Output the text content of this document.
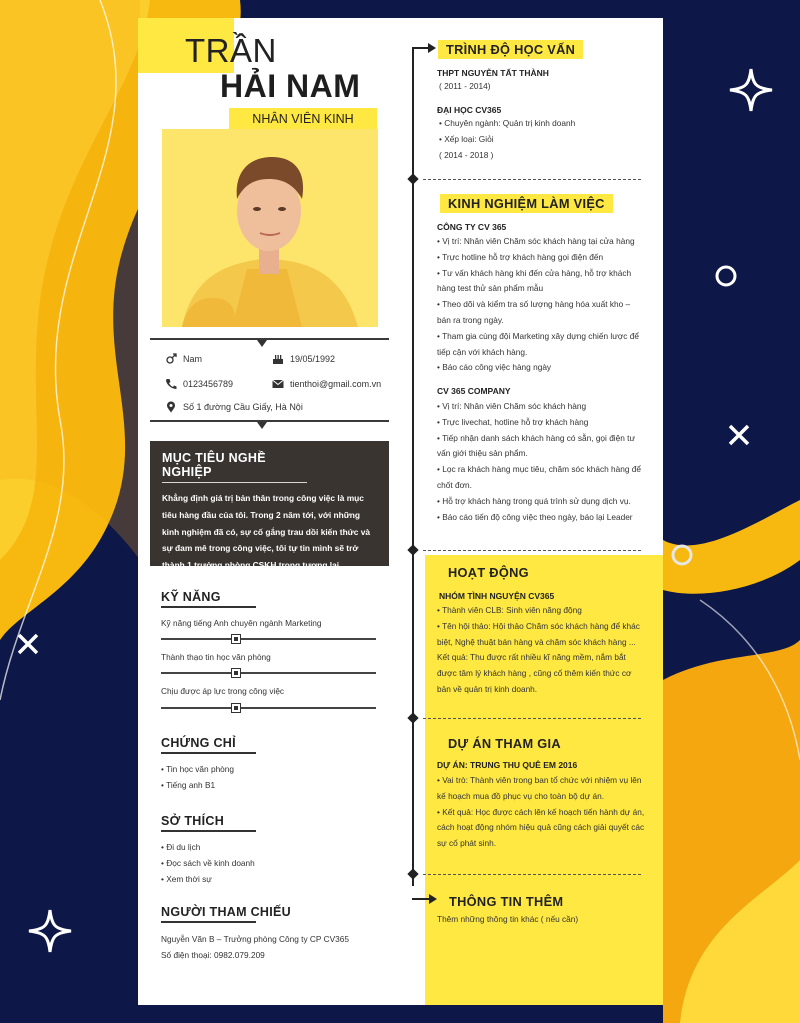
TRẦN
HẢI NAM
NHÂN VIÊN KINH
Nam	19/05/1992
0123456789	tienthoi@gmail.com.vn
Số 1 đường Cầu Giấy, Hà Nội
MỤC TIÊU NGHỀ NGHIỆP
Khẳng định giá trị bản thân trong công việc là mục tiêu hàng đầu của tôi. Trong 2 năm tới, với những kinh nghiệm đã có, sự cố gắng trau dồi kiến thức và sự đam mê trong công việc, tôi tự tin mình sẽ trở thành 1 trưởng phòng CSKH trong tương lai.
KỸ NĂNG
Kỹ năng tiếng Anh chuyên ngành Marketing
Thành thạo tin học văn phòng
Chịu được áp lực trong công việc
CHỨNG CHỈ
• Tin học văn phòng
• Tiếng anh B1
SỞ THÍCH
• Đi du lịch
• Đọc sách về kinh doanh
• Xem thời sự
NGƯỜI THAM CHIẾU
Nguyễn Văn B – Trưởng phòng Công ty CP CV365
Số điện thoại: 0982.079.209
TRÌNH ĐỘ HỌC VẤN
THPT NGUYỄN TẤT THÀNH
( 2011 - 2014)
ĐẠI HỌC CV365
• Chuyên ngành: Quản trị kinh doanh
• Xếp loại: Giỏi
( 2014 - 2018 )
KINH NGHIỆM LÀM VIỆC
CÔNG TY CV 365
• Vị trí: Nhân viên Chăm sóc khách hàng tại cửa hàng
• Trực hotline hỗ trợ khách hàng gọi điện đến
• Tư vấn khách hàng khi đến cửa hàng, hỗ trợ khách hàng test thử sản phẩm mẫu
• Theo dõi và kiểm tra số lượng hàng hóa xuất kho – bán ra trong ngày.
• Tham gia cùng đội Marketing xây dựng chiến lược để tiếp cận với khách hàng.
• Báo cáo công việc hàng ngày
CV 365 COMPANY
• Vị trí: Nhân viên Chăm sóc khách hàng
• Trực livechat, hotline hỗ trợ khách hàng
• Tiếp nhận danh sách khách hàng có sẵn, gọi điện tư vấn giới thiệu sản phẩm.
• Lọc ra khách hàng mục tiêu, chăm sóc khách hàng để chốt đơn.
• Hỗ trợ khách hàng trong quá trình sử dụng dịch vụ.
• Báo cáo tiến độ công việc theo ngày, báo lại Leader
HOẠT ĐỘNG
NHÓM TÌNH NGUYỆN CV365
• Thành viên CLB: Sinh viên năng động
• Tên hội thảo: Hội thảo Chăm sóc khách hàng để khác biệt, Nghệ thuật bán hàng và chăm sóc khách hàng ...
Kết quả: Thu được rất nhiều kĩ năng mềm, nắm bắt được tâm lý khách hàng , cũng cố thêm kiến thức cơ bản về quản trị kinh doanh.
DỰ ÁN THAM GIA
DỰ ÁN: TRUNG THU QUÊ EM 2016
• Vai trò: Thành viên trong ban tổ chức với nhiệm vụ lên kế hoạch mua đồ phục vụ cho toàn bộ dự án.
• Kết quả: Học được cách lên kế hoạch tiến hành dự án, cách hoạt động nhóm hiệu quả cũng cách giải quyết các sự cố phát sinh.
THÔNG TIN THÊM
Thêm những thông tin khác ( nếu cần)
